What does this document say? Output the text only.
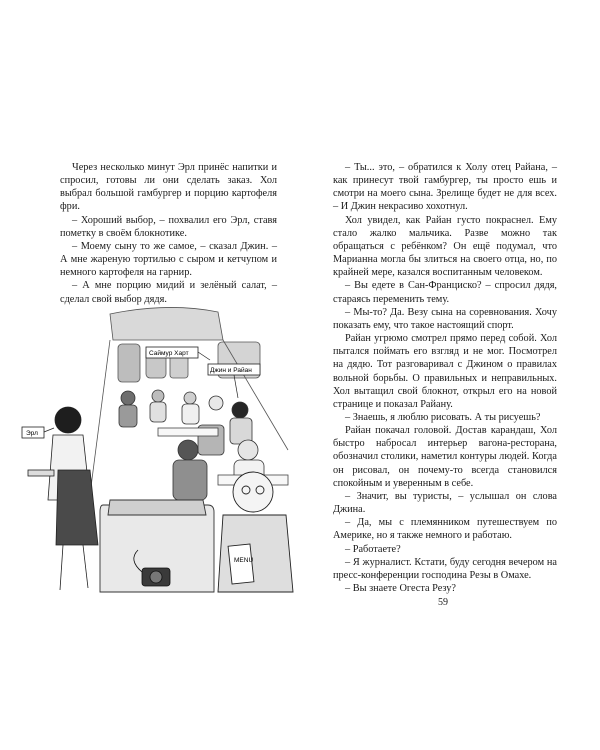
Через несколько минут Эрл принёс напитки и спросил, готовы ли они сделать заказ. Хол выбрал большой гамбургер и порцию картофеля фри.

– Хороший выбор, – похвалил его Эрл, ставя пометку в своём блокнотике.

– Моему сыну то же самое, – сказал Джин. – А мне жареную тортилью с сыром и кетчупом и немного картофеля на гарнир.

– А мне порцию мидий и зелёный салат, – сделал свой выбор дядя.

– Ты... это, – обратился к Холу отец Райана, – как принесут твой гамбургер, ты просто ешь и смотри на моего сына. Зрелище будет не для всех. – И Джин некрасиво хохотнул.

Хол увидел, как Райан густо покраснел. Ему стало жалко мальчика. Разве можно так обращаться с ребёнком? Он ещё подумал, что Марианна могла бы злиться на своего отца, но, по крайней мере, казался воспитанным человеком.

– Вы едете в Сан-Франциско? – спросил дядя, стараясь переменить тему.

– Мы-то? Да. Везу сына на соревнования. Хочу показать ему, что такое настоящий спорт.

Райан угрюмо смотрел прямо перед собой. Хол пытался поймать его взгляд и не мог. Посмотрел на дядю. Тот разговаривал с Джином о правилах вольной борьбы. О правильных и неправильных. Хол вытащил свой блокнот, открыл его на новой странице и показал Райану.

– Знаешь, я люблю рисовать. А ты рисуешь?

Райан покачал головой. Достав карандаш, Хол быстро набросал интерьер вагона-ресторана, обозначил столики, наметил контуры людей. Когда он рисовал, он почему-то всегда становился спокойным и уверенным в себе.

– Значит, вы туристы, – услышал он слова Джина.

– Да, мы с племянником путешествуем по Америке, но я также немного и работаю.

– Работаете?

– Я журналист. Кстати, буду сегодня вечером на пресс-конференции господина Резы в Омахе.

– Вы знаете Огеста Резу?

MENU
Саймур Харт
Джин и Райан
Эрл
59
